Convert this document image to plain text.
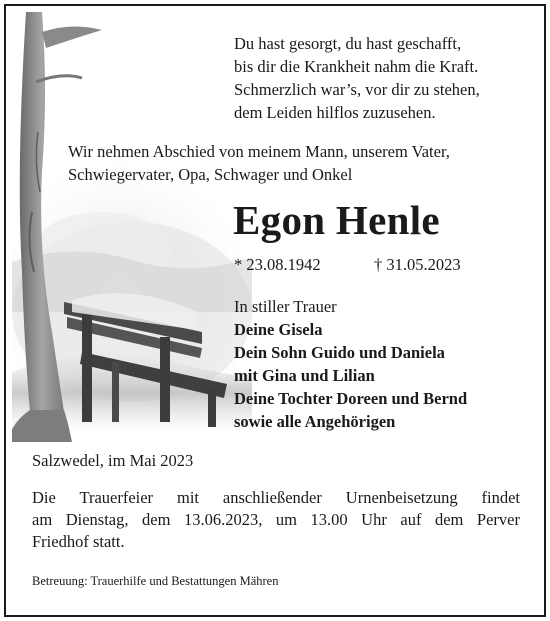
Du hast gesorgt, du hast geschafft,
bis dir die Krankheit nahm die Kraft.
Schmerzlich war’s, vor dir zu stehen,
dem Leiden hilflos zuzusehen.

Wir nehmen Abschied von meinem Mann, unserem Vater,
Schwiegervater, Opa, Schwager und Onkel

Egon Henle

* 23.08.1942	† 31.05.2023

In stiller Trauer
Deine Gisela
Dein Sohn Guido und Daniela
mit Gina und Lilian
Deine Tochter Doreen und Bernd
sowie alle Angehörigen

Salzwedel, im Mai 2023

Die Trauerfeier mit anschließender Urnenbeisetzung findet
am Dienstag, dem 13.06.2023, um 13.00 Uhr auf dem Perver
Friedhof statt.

Betreuung: Trauerhilfe und Bestattungen Mähren
